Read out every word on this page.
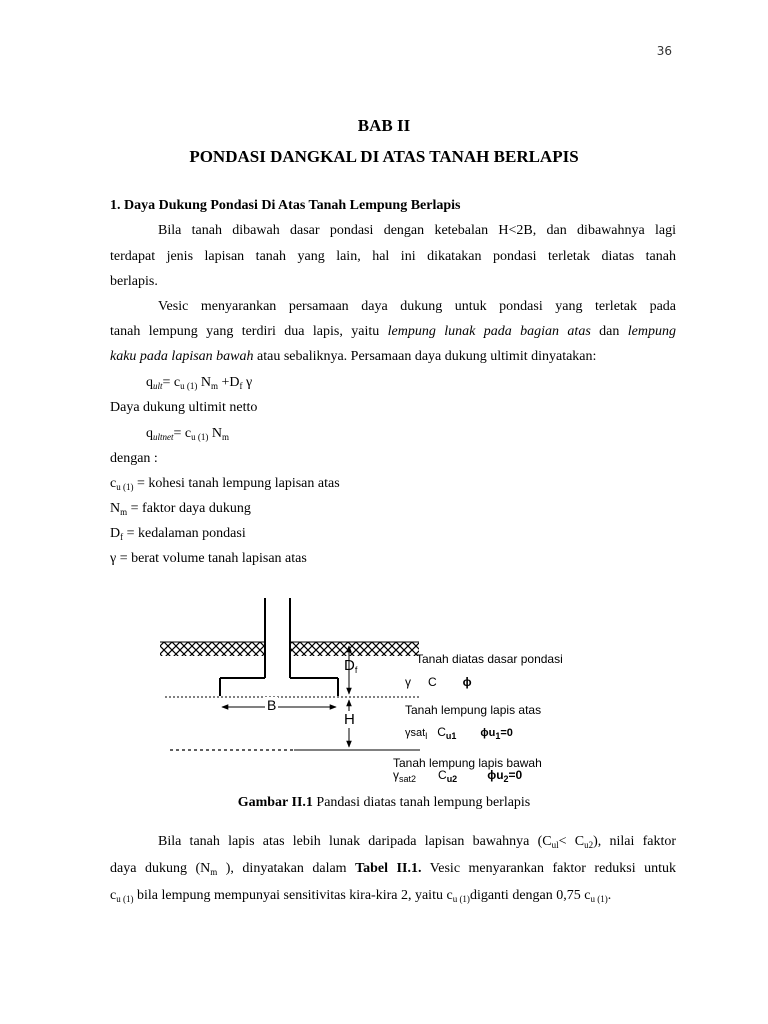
36
BAB II
PONDASI DANGKAL DI ATAS TANAH BERLAPIS
1. Daya Dukung Pondasi Di Atas Tanah Lempung Berlapis
Bila tanah dibawah dasar pondasi dengan ketebalan H<2B, dan dibawahnya lagi
terdapat jenis lapisan tanah yang lain, hal ini dikatakan pondasi terletak diatas tanah
berlapis.
Vesic menyarankan persamaan daya dukung untuk pondasi yang terletak pada
tanah lempung yang terdiri dua lapis, yaitu lempung lunak pada bagian atas dan lempung
kaku pada lapisan bawah atau sebaliknya. Persamaan daya dukung ultimit dinyatakan:
$q_{ult}= c_{u (1)}$ $N_m +D_f$ γ
Daya dukung ultimit netto
$q_{ultnet}= c_{u (1)}$ $N_m$
dengan :
$c_{u (1)}$ = kohesi tanah lempung lapisan atas
$N_m$ = faktor daya dukung
$D_f$ = kedalaman pondasi
γ = berat volume tanah lapisan atas
$D_f$
B
H
Tanah diatas dasar pondasi
γ C ϕ
Tanah lempung lapis atas
γsat$_l$ $C_{u1}$ $\phi u_1=0$
Tanah lempung lapis bawah
$\gamma_{sat2}$ $C_{u2}$	$\phi u_2=0$
Gambar II.1 Pandasi diatas tanah lempung berlapis
Bila tanah lapis atas lebih lunak daripada lapisan bawahnya $(C_{ul}< C_{u2})$, nilai faktor
daya dukung ($N_m$ ), dinyatakan dalam Tabel II.1. Vesic menyarankan faktor reduksi untuk
$c_{u (1)}$ bila lempung mempunyai sensitivitas kira-kira 2, yaitu $c_{u (1)}diganti$ dengan 0,75 $c_{u (1)}$.
